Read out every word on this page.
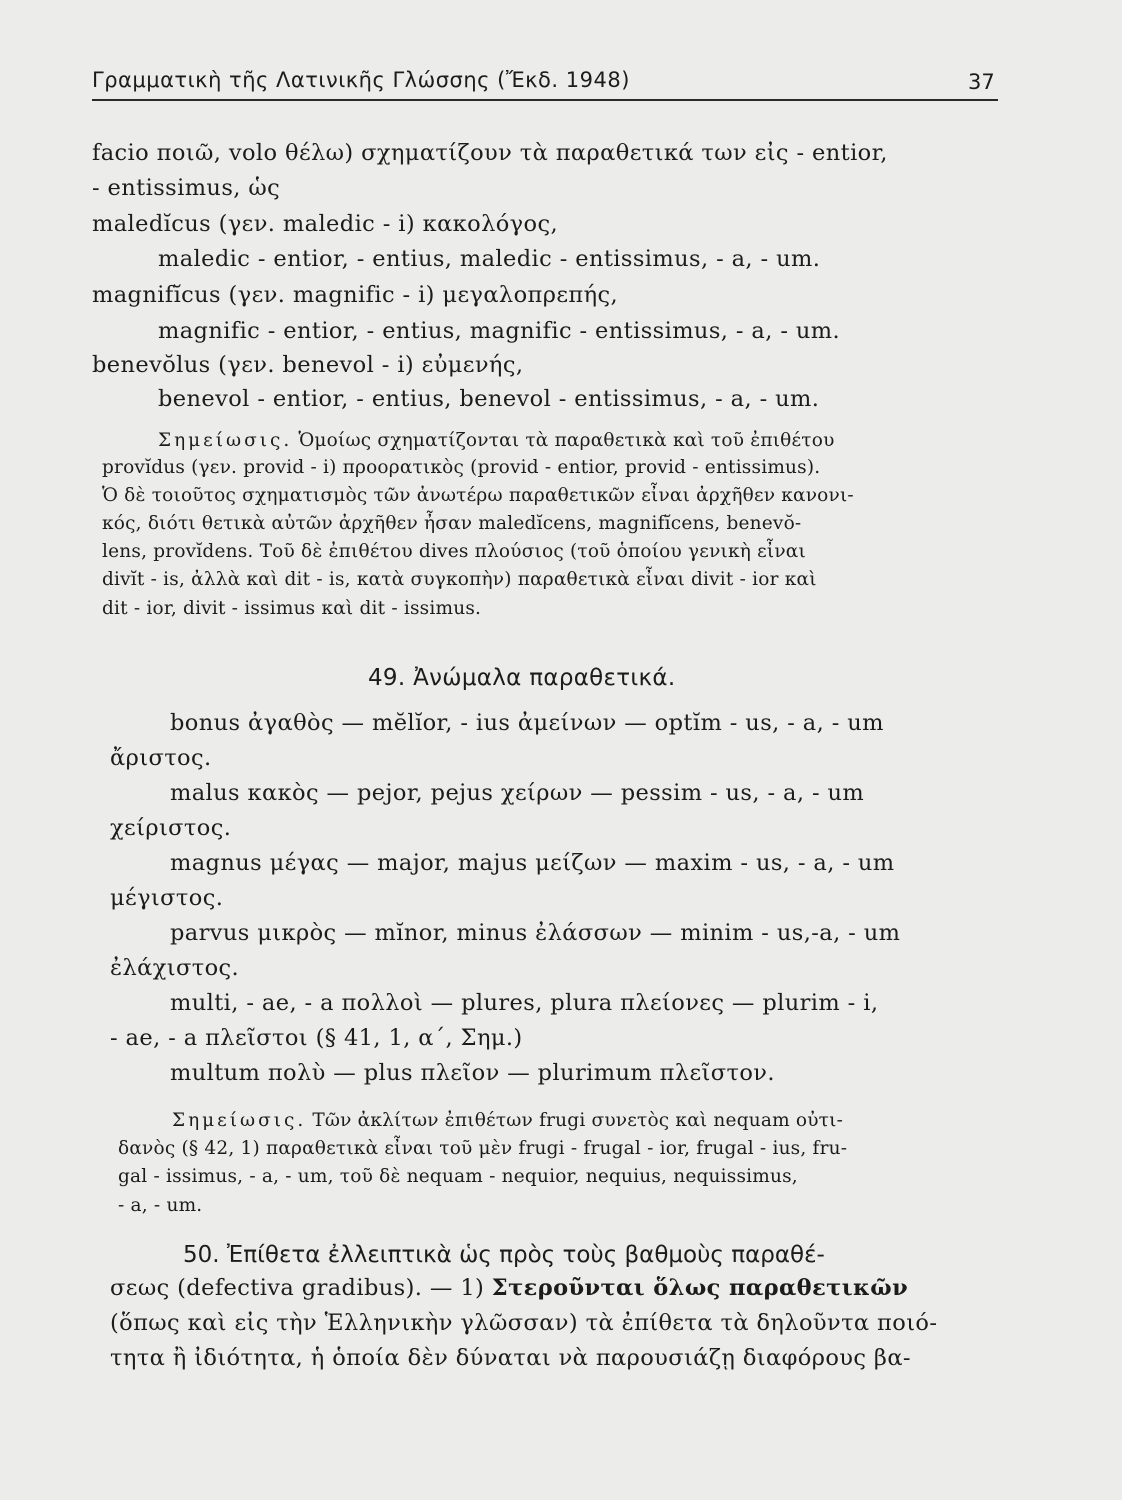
Γραμματικὴ τῆς Λατινικῆς Γλώσσης (Ἔκδ. 1948)	37
facio ποιῶ, volo θέλω) σχηματίζουν τὰ παραθετικά των εἰς - entior,
- entissimus, ὡς
maledĭcus (γεν. maledic - i) κακολόγος,
maledic - entior, - entius, maledic - entissimus, - a, - um.
magnifĭcus (γεν. magnific - i) μεγαλοπρεπής,
magnific - entior, - entius, magnific - entissimus, - a, - um.
benevŏlus (γεν. benevol - i) εὐμενής,
benevol - entior, - entius, benevol - entissimus, - a, - um.
Σημείωσις. Ὁμοίως σχηματίζονται τὰ παραθετικὰ καὶ τοῦ ἐπιθέτου
provĭdus (γεν. provid - i) προορατικὸς (provid - entior, provid - entissimus).
Ὁ δὲ τοιοῦτος σχηματισμὸς τῶν ἀνωτέρω παραθετικῶν εἶναι ἀρχῆθεν κανονι-
κός, διότι θετικὰ αὐτῶν ἀρχῆθεν ἦσαν maledĭcens, magnifĭcens, benevŏ-
lens, provĭdens. Τοῦ δὲ ἐπιθέτου dives πλούσιος (τοῦ ὁποίου γενικὴ εἶναι
divĭt - is, ἀλλὰ καὶ dit - is, κατὰ συγκοπὴν) παραθετικὰ εἶναι divit - ior καὶ
dit - ior, divit - issimus καὶ dit - issimus.
49. Ἀνώμαλα παραθετικά.
bonus ἀγαθὸς — mĕlĭor, - ius ἀμείνων — optĭm - us, - a, - um
ἄριστος.
malus κακὸς — pejor, pejus χείρων — pessim - us, - a, - um
χείριστος.
magnus μέγας — major, majus μείζων — maxim - us, - a, - um
μέγιστος.
parvus μικρὸς — mĭnor, minus ἐλάσσων — minim - us,-a, - um
ἐλάχιστος.
multi, - ae, - a πολλοὶ — plures, plura πλείονες — plurim - i,
- ae, - a πλεῖστοι (§ 41, 1, α΄, Σημ.)
multum πολὺ — plus πλεῖον — plurimum πλεῖστον.
Σημείωσις. Τῶν ἀκλίτων ἐπιθέτων frugi συνετὸς καὶ nequam οὐτι-
δανὸς (§ 42, 1) παραθετικὰ εἶναι τοῦ μὲν frugi - frugal - ior, frugal - ius, fru-
gal - issimus, - a, - um, τοῦ δὲ nequam - nequior, nequius, nequissimus,
- a, - um.
50. Ἐπίθετα ἐλλειπτικὰ ὡς πρὸς τοὺς βαθμοὺς παραθέ-
σεως (defectiva gradibus). — 1) Στεροῦνται ὅλως παραθετικῶν
(ὅπως καὶ εἰς τὴν Ἑλληνικὴν γλῶσσαν) τὰ ἐπίθετα τὰ δηλοῦντα ποιό-
τητα ἢ ἰδιότητα, ἡ ὁποία δὲν δύναται νὰ παρουσιάζῃ διαφόρους βα-
